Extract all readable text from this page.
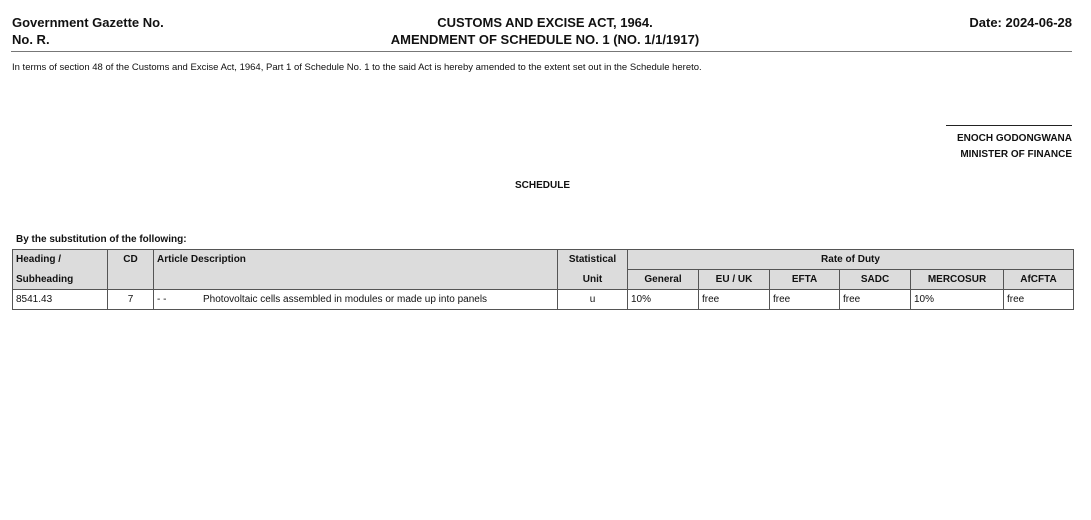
Government Gazette No.
No. R.
CUSTOMS AND EXCISE ACT, 1964.
AMENDMENT OF SCHEDULE NO. 1 (NO. 1/1/1917)
Date: 2024-06-28
In terms of section 48 of the Customs and Excise Act, 1964, Part 1 of Schedule No. 1 to the said Act is hereby amended to the extent set out in the Schedule hereto.
ENOCH GODONGWANA
MINISTER OF FINANCE
SCHEDULE
By the substitution of the following:
Heading /	CD	Article Description	Statistical	Rate of Duty					
Subheading			Unit	General	EU / UK	EFTA	SADC	MERCOSUR	AfCFTA
8541.43	7	- - Photovoltaic cells assembled in modules or made up into panels	u	10%	free	free	free	10%	free
